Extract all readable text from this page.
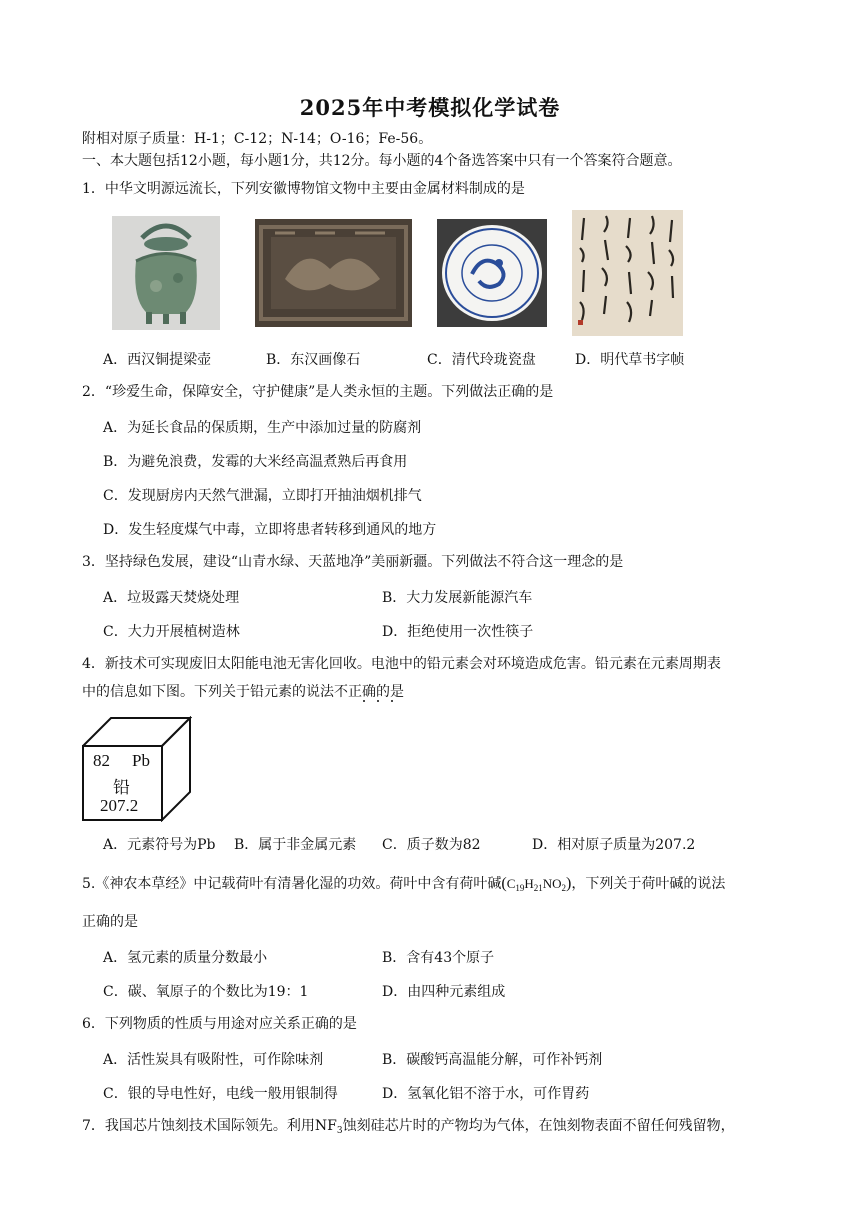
2025年中考模拟化学试卷
附相对原子质量：H-1；C-12；N-14；O-16；Fe-56。
一、本大题包括12小题，每小题1分，共12分。每小题的4个备选答案中只有一个答案符合题意。
1．中华文明源远流长，下列安徽博物馆文物中主要由金属材料制成的是
A．西汉铜提梁壶	B．东汉画像石	C．清代玲珑瓷盘	D．明代草书字帧
2．“珍爱生命，保障安全，守护健康”是人类永恒的主题。下列做法正确的是
A．为延长食品的保质期，生产中添加过量的防腐剂
B．为避免浪费，发霉的大米经高温煮熟后再食用
C．发现厨房内天然气泄漏，立即打开抽油烟机排气
D．发生轻度煤气中毒，立即将患者转移到通风的地方
3．坚持绿色发展，建设“山青水绿、天蓝地净”美丽新疆。下列做法不符合这一理念的是
A．垃圾露天焚烧处理	B．大力发展新能源汽车
C．大力开展植树造林	D．拒绝使用一次性筷子
4．新技术可实现废旧太阳能电池无害化回收。电池中的铅元素会对环境造成危害。铅元素在元素周期表
中的信息如下图。下列关于铅元素的说法不正确的是
82 Pb
铅
207.2
A．元素符号为Pb B．属于非金属元素 C．质子数为82	D．相对原子质量为207.2
5.《神农本草经》中记载荷叶有清暑化湿的功效。荷叶中含有荷叶碱$(C_{19}H_{21}NO_2)$，下列关于荷叶碱的说法
正确的是
A．氢元素的质量分数最小	B．含有43个原子
C．碳、氧原子的个数比为19：1	D．由四种元素组成
6．下列物质的性质与用途对应关系正确的是
A．活性炭具有吸附性，可作除味剂	B．碳酸钙高温能分解，可作补钙剂
C．银的导电性好，电线一般用银制得	D．氢氧化铝不溶于水，可作胃药
7．我国芯片蚀刻技术国际领先。利用$NF_3$蚀刻硅芯片时的产物均为气体，在蚀刻物表面不留任何残留物，
